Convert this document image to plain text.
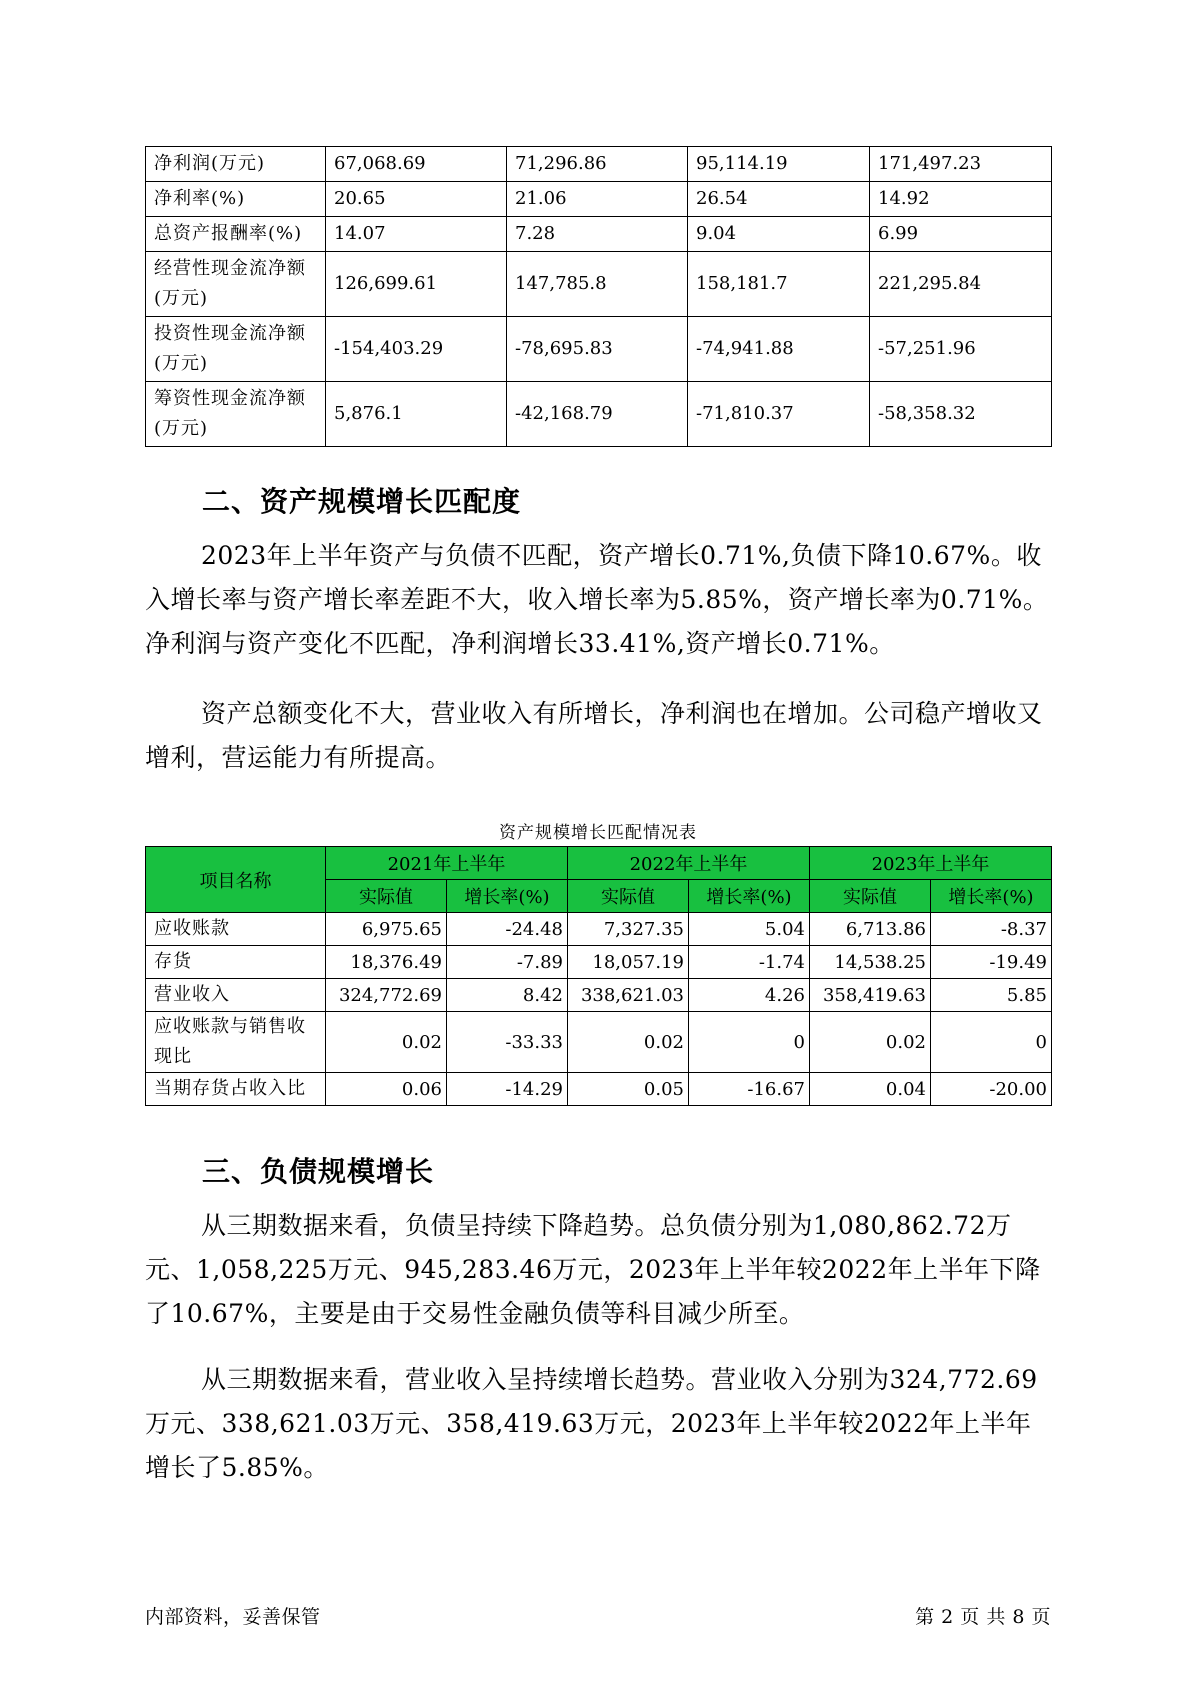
净利润(万元)	67,068.69	71,296.86	95,114.19	171,497.23
净利率(%)	20.65	21.06	26.54	14.92
总资产报酬率(%)	14.07	7.28	9.04	6.99
经营性现金流净额(万元)	126,699.61	147,785.8	158,181.7	221,295.84
投资性现金流净额(万元)	-154,403.29	-78,695.83	-74,941.88	-57,251.96
筹资性现金流净额(万元)	5,876.1	-42,168.79	-71,810.37	-58,358.32
二、资产规模增长匹配度

2023年上半年资产与负债不匹配，资产增长0.71%,负债下降10.67%。收入增长率与资产增长率差距不大，收入增长率为5.85%，资产增长率为0.71%。净利润与资产变化不匹配，净利润增长33.41%,资产增长0.71%。

资产总额变化不大，营业收入有所增长，净利润也在增加。公司稳产增收又增利，营运能力有所提高。

资产规模增长匹配情况表
项目名称	2021年上半年		2022年上半年		2023年上半年	
	实际值	增长率(%)	实际值	增长率(%)	实际值	增长率(%)
应收账款	6,975.65	-24.48	7,327.35	5.04	6,713.86	-8.37
存货	18,376.49	-7.89	18,057.19	-1.74	14,538.25	-19.49
营业收入	324,772.69	8.42	338,621.03	4.26	358,419.63	5.85
应收账款与销售收现比	0.02	-33.33	0.02	0	0.02	0
当期存货占收入比	0.06	-14.29	0.05	-16.67	0.04	-20.00
三、负债规模增长

从三期数据来看，负债呈持续下降趋势。总负债分别为1,080,862.72万元、1,058,225万元、945,283.46万元，2023年上半年较2022年上半年下降了10.67%，主要是由于交易性金融负债等科目减少所至。

从三期数据来看，营业收入呈持续增长趋势。营业收入分别为324,772.69万元、338,621.03万元、358,419.63万元，2023年上半年较2022年上半年增长了5.85%。

内部资料，妥善保管	第 2 页 共 8 页
